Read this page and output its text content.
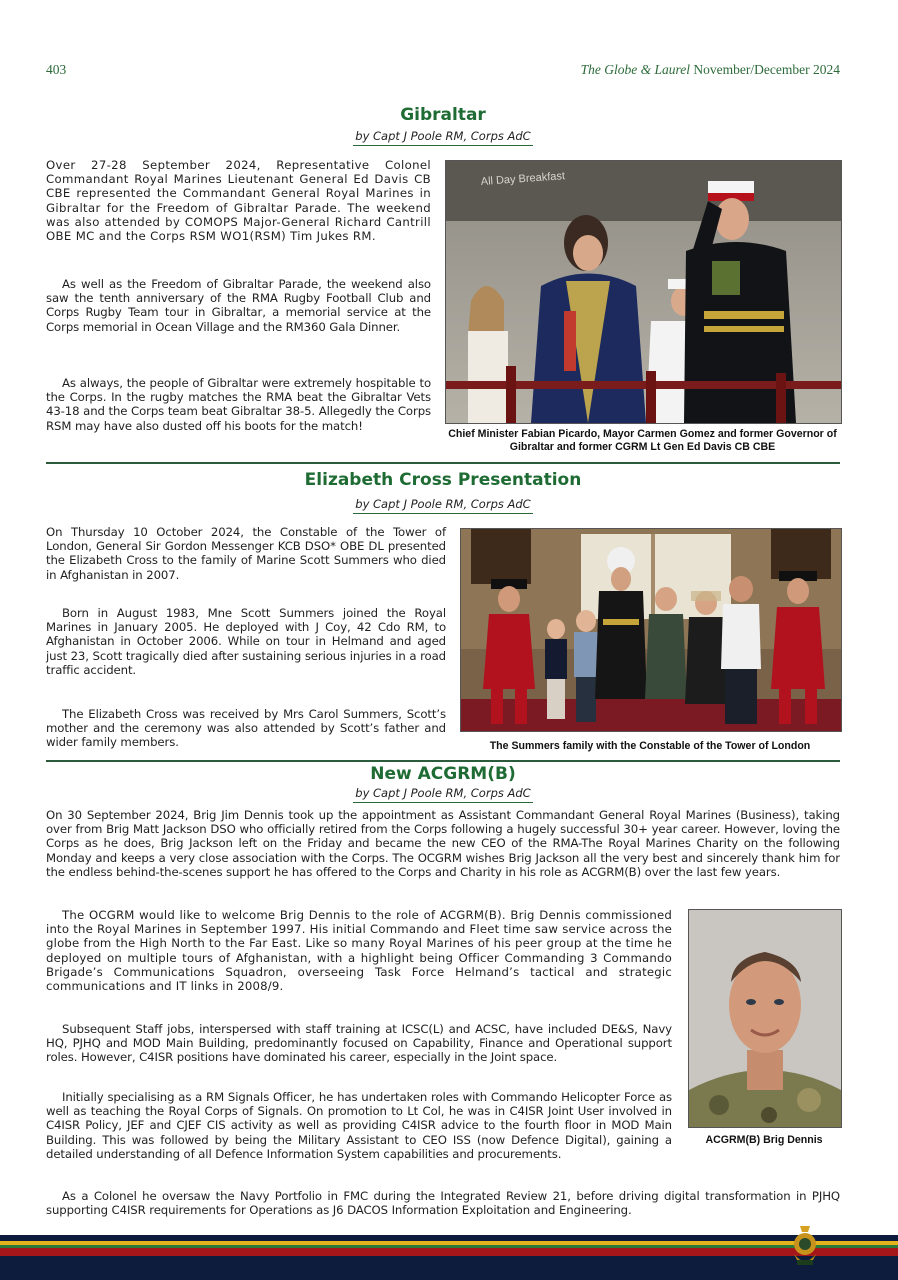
403	The Globe & Laurel November/December 2024
Gibraltar
by Capt J Poole RM, Corps AdC

Over 27-28 September 2024, Representative Colonel Commandant Royal Marines Lieutenant General Ed Davis CB CBE represented the Commandant General Royal Marines in Gibraltar for the Freedom of Gibraltar Parade. The weekend was also attended by COMOPS Major-General Richard Cantrill OBE MC and the Corps RSM WO1(RSM) Tim Jukes RM.

As well as the Freedom of Gibraltar Parade, the weekend also saw the tenth anniversary of the RMA Rugby Football Club and Corps Rugby Team tour in Gibraltar, a memorial service at the Corps memorial in Ocean Village and the RM360 Gala Dinner.

As always, the people of Gibraltar were extremely hospitable to the Corps. In the rugby matches the RMA beat the Gibraltar Vets 43-18 and the Corps team beat Gibraltar 38-5. Allegedly the Corps RSM may have also dusted off his boots for the match!

All Day Breakfast
Chief Minister Fabian Picardo, Mayor Carmen Gomez and former Governor of Gibraltar and former CGRM Lt Gen Ed Davis CB CBE
Elizabeth Cross Presentation
by Capt J Poole RM, Corps AdC

On Thursday 10 October 2024, the Constable of the Tower of London, General Sir Gordon Messenger KCB DSO* OBE DL presented the Elizabeth Cross to the family of Marine Scott Summers who died in Afghanistan in 2007.

Born in August 1983, Mne Scott Summers joined the Royal Marines in January 2005. He deployed with J Coy, 42 Cdo RM, to Afghanistan in October 2006. While on tour in Helmand and aged just 23, Scott tragically died after sustaining serious injuries in a road traffic accident.

The Elizabeth Cross was received by Mrs Carol Summers, Scott’s mother and the ceremony was also attended by Scott’s father and wider family members.	The Summers family with the Constable of the Tower of London
New ACGRM(B)
by Capt J Poole RM, Corps AdC

On 30 September 2024, Brig Jim Dennis took up the appointment as Assistant Commandant General Royal Marines (Business), taking over from Brig Matt Jackson DSO who officially retired from the Corps following a hugely successful 30+ year career. However, loving the Corps as he does, Brig Jackson left on the Friday and became the new CEO of the RMA-The Royal Marines Charity on the following Monday and keeps a very close association with the Corps. The OCGRM wishes Brig Jackson all the very best and sincerely thank him for the endless behind-the-scenes support he has offered to the Corps and Charity in his role as ACGRM(B) over the last few years.

The OCGRM would like to welcome Brig Dennis to the role of ACGRM(B). Brig Dennis commissioned into the Royal Marines in September 1997. His initial Commando and Fleet time saw service across the globe from the High North to the Far East. Like so many Royal Marines of his peer group at the time he deployed on multiple tours of Afghanistan, with a highlight being Officer Commanding 3 Commando Brigade’s Communications Squadron, overseeing Task Force Helmand’s tactical and strategic communications and IT links in 2008/9.

Subsequent Staff jobs, interspersed with staff training at ICSC(L) and ACSC, have included DE&S, Navy HQ, PJHQ and MOD Main Building, predominantly focused on Capability, Finance and Operational support roles. However, C4ISR positions have dominated his career, especially in the Joint space.

Initially specialising as a RM Signals Officer, he has undertaken roles with Commando Helicopter Force as well as teaching the Royal Corps of Signals. On promotion to Lt Col, he was in C4ISR Joint User involved in C4ISR Policy, JEF and CJEF CIS activity as well as providing C4ISR advice to the fourth floor in MOD Main Building. This was followed by being the Military Assistant to CEO ISS (now Defence Digital), gaining a detailed understanding of all Defence Information System capabilities and procurements.

As a Colonel he oversaw the Navy Portfolio in FMC during the Integrated Review 21, before driving digital transformation in PJHQ supporting C4ISR requirements for Operations as J6 DACOS Information Exploitation and Engineering.

ACGRM(B) Brig Dennis
